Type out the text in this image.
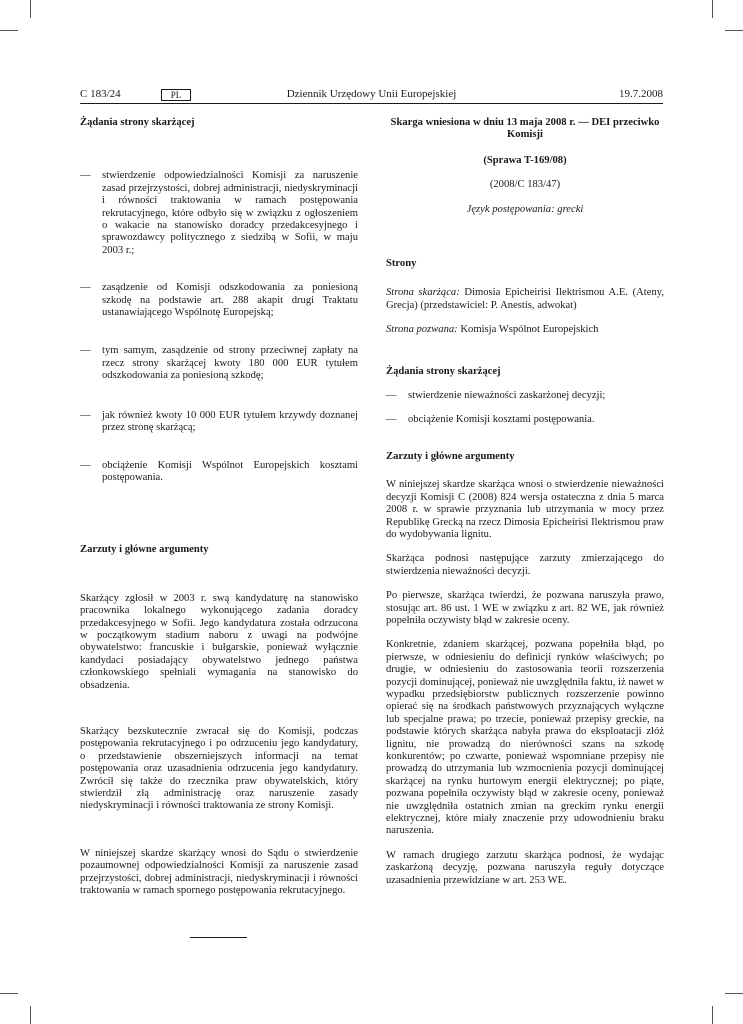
C 183/24	PL	Dziennik Urzędowy Unii Europejskiej	19.7.2008

Żądania strony skarżącej

—	stwierdzenie odpowiedzialności Komisji za naruszenie zasad przejrzystości, dobrej administracji, niedyskryminacji i równości traktowania w ramach postępowania rekrutacyjnego, które odbyło się w związku z ogłoszeniem o wakacie na stanowisko doradcy przedakcesyjnego i sprawozdawcy politycznego z siedzibą w Sofii, w maju 2003 r.;
—	zasądzenie od Komisji odszkodowania za poniesioną szkodę na podstawie art. 288 akapit drugi Traktatu ustanawiającego Wspólnotę Europejską;
—	tym samym, zasądzenie od strony przeciwnej zapłaty na rzecz strony skarżącej kwoty 180 000 EUR tytułem odszkodowania za poniesioną szkodę;
—	jak również kwoty 10 000 EUR tytułem krzywdy doznanej przez stronę skarżącą;
—	obciążenie Komisji Wspólnot Europejskich kosztami postępowania.

Zarzuty i główne argumenty

Skarżący zgłosił w 2003 r. swą kandydaturę na stanowisko pracownika lokalnego wykonującego zadania doradcy przedakcesyjnego w Sofii. Jego kandydatura została odrzucona w początkowym stadium naboru z uwagi na podwójne obywatelstwo: francuskie i bułgarskie, ponieważ wyłącznie kandydaci posiadający obywatelstwo jednego państwa członkowskiego spełniali wymagania na stanowisko do obsadzenia.

Skarżący bezskutecznie zwracał się do Komisji, podczas postępowania rekrutacyjnego i po odrzuceniu jego kandydatury, o przedstawienie obszerniejszych informacji na temat postępowania oraz uzasadnienia odrzucenia jego kandydatury. Zwrócił się także do rzecznika praw obywatelskich, który stwierdził złą administrację oraz naruszenie zasady niedyskryminacji i równości traktowania ze strony Komisji.

W niniejszej skardze skarżący wnosi do Sądu o stwierdzenie pozaumownej odpowiedzialności Komisji za naruszenie zasad przejrzystości, dobrej administracji, niedyskryminacji i równości traktowania w ramach spornego postępowania rekrutacyjnego.

Skarga wniesiona w dniu 13 maja 2008 r. — DEI przeciwko Komisji

(Sprawa T-169/08)

(2008/C 183/47)

Język postępowania: grecki

Strony

Strona skarżąca: Dimosia Epicheirisi Ilektrismou A.E. (Ateny, Grecja) (przedstawiciel: P. Anestis, adwokat)

Strona pozwana: Komisja Wspólnot Europejskich

Żądania strony skarżącej

—	stwierdzenie nieważności zaskarżonej decyzji;
—	obciążenie Komisji kosztami postępowania.

Zarzuty i główne argumenty

W niniejszej skardze skarżąca wnosi o stwierdzenie nieważności decyzji Komisji C (2008) 824 wersja ostateczna z dnia 5 marca 2008 r. w sprawie przyznania lub utrzymania w mocy przez Republikę Grecką na rzecz Dimosia Epicheirisi Ilektrismou praw do wydobywania lignitu.

Skarżąca podnosi następujące zarzuty zmierzającego do stwierdzenia nieważności decyzji.

Po pierwsze, skarżąca twierdzi, że pozwana naruszyła prawo, stosując art. 86 ust. 1 WE w związku z art. 82 WE, jak również popełniła oczywisty błąd w zakresie oceny.

Konkretnie, zdaniem skarżącej, pozwana popełniła błąd, po pierwsze, w odniesieniu do definicji rynków właściwych; po drugie, w odniesieniu do zastosowania teorii rozszerzenia pozycji dominującej, ponieważ nie uwzględniła faktu, iż nawet w wypadku przedsiębiorstw publicznych rozszerzenie powinno opierać się na środkach państwowych przyznających wyłączne lub specjalne prawa; po trzecie, ponieważ przepisy greckie, na podstawie których skarżąca nabyła prawa do eksploatacji złóż lignitu, nie prowadzą do nierówności szans na szkodę konkurentów; po czwarte, ponieważ wspomniane przepisy nie prowadzą do utrzymania lub wzmocnienia pozycji dominującej skarżącej na rynku hurtowym energii elektrycznej; po piąte, pozwana popełniła oczywisty błąd w zakresie oceny, ponieważ nie uwzględniła ostatnich zmian na greckim rynku energii elektrycznej, które miały znaczenie przy udowodnieniu braku naruszenia.

W ramach drugiego zarzutu skarżąca podnosi, że wydając zaskarżoną decyzję, pozwana naruszyła reguły dotyczące uzasadnienia przewidziane w art. 253 WE.
